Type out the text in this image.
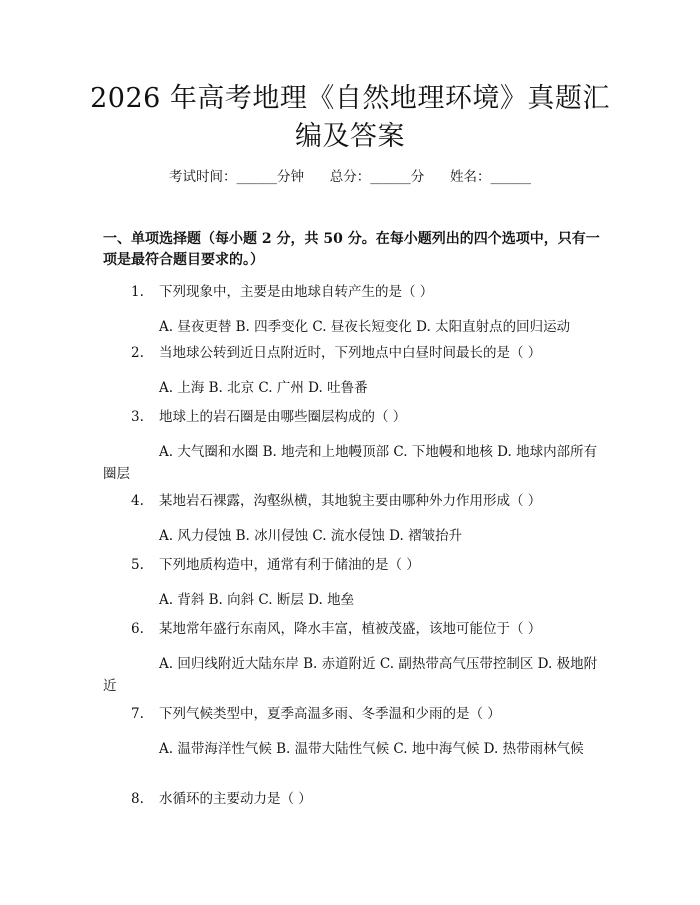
2026 年高考地理《自然地理环境》真题汇编及答案
考试时间：______分钟      总分：______分      姓名：______
一、单项选择题（每小题 2 分，共 50 分。在每小题列出的四个选项中，只有一项是最符合题目要求的。）
1.	下列现象中，主要是由地球自转产生的是（ ）
A. 昼夜更替 B. 四季变化 C. 昼夜长短变化 D. 太阳直射点的回归运动
2.	当地球公转到近日点附近时，下列地点中白昼时间最长的是（ ）
A. 上海 B. 北京 C. 广州 D. 吐鲁番
3.	地球上的岩石圈是由哪些圈层构成的（ ）
A. 大气圈和水圈 B. 地壳和上地幔顶部 C. 下地幔和地核 D. 地球内部所有圈层
4.	某地岩石裸露，沟壑纵横，其地貌主要由哪种外力作用形成（ ）
A. 风力侵蚀 B. 冰川侵蚀 C. 流水侵蚀 D. 褶皱抬升
5.	下列地质构造中，通常有利于储油的是（ ）
A. 背斜 B. 向斜 C. 断层 D. 地垒
6.	某地常年盛行东南风，降水丰富，植被茂盛，该地可能位于（ ）
A. 回归线附近大陆东岸 B. 赤道附近 C. 副热带高气压带控制区 D. 极地附近
7.	下列气候类型中，夏季高温多雨、冬季温和少雨的是（ ）
A. 温带海洋性气候 B. 温带大陆性气候 C. 地中海气候 D. 热带雨林气候
8.	水循环的主要动力是（ ）
